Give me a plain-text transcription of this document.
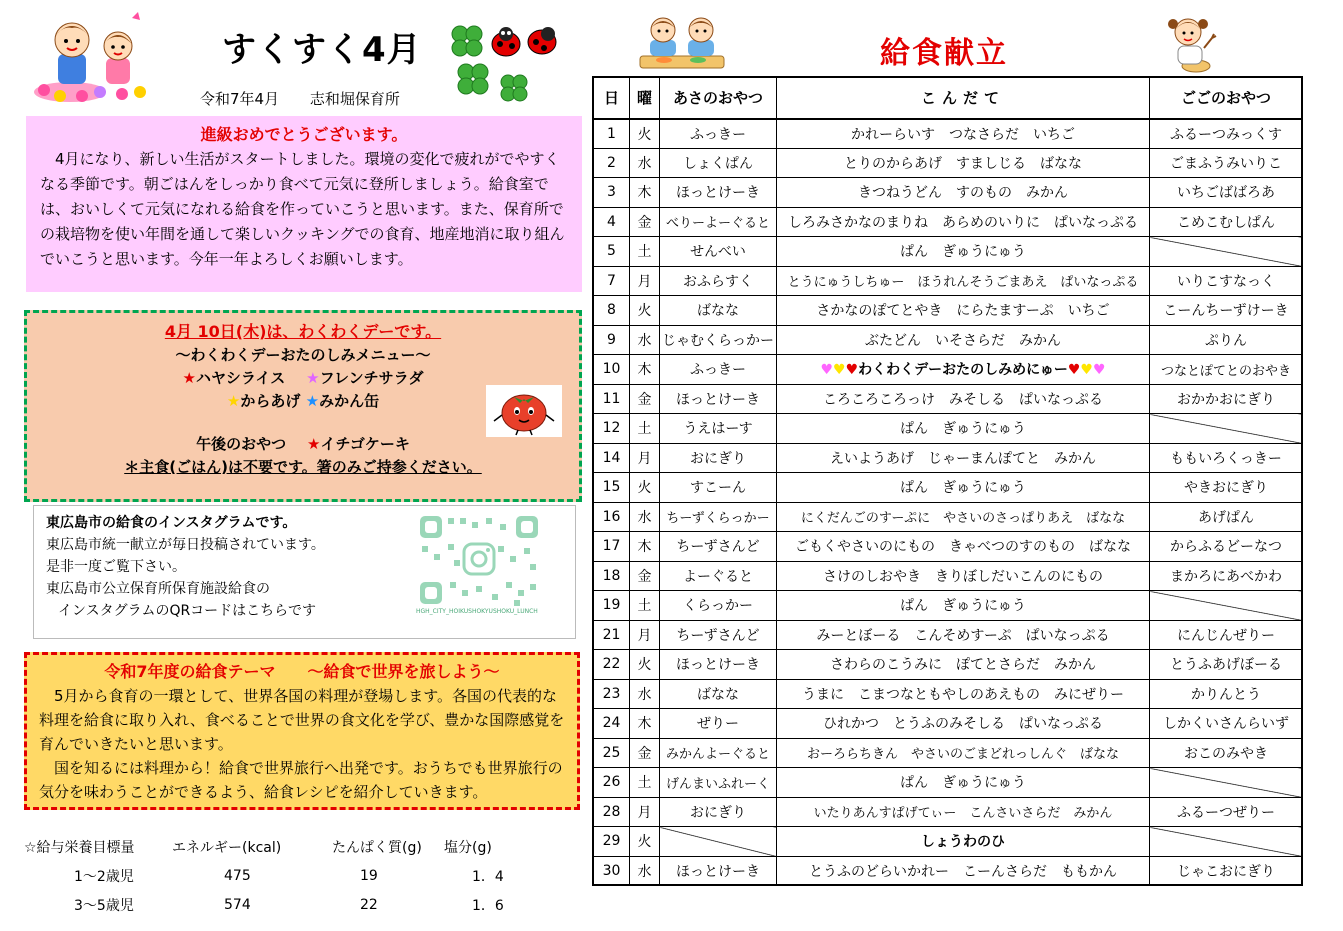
すくすく4月
令和7年4月 志和堀保育所
進級おめでとうございます。

4月になり、新しい生活がスタートしました。環境の変化で疲れがでやすくなる季節です。朝ごはんをしっかり食べて元気に登所しましょう。給食室では、おいしくて元気になれる給食を作っていこうと思います。また、保育所での栽培物を使い年間を通して楽しいクッキングでの食育、地産地消に取り組んでいこうと思います。今年一年よろしくお願いします。

4月 10日(木)は、わくわくデーです。
～わくわくデーおたのしみメニュー～
★ハヤシライス ★フレンチサラダ
★からあげ ★みかん缶
午後のおやつ ★イチゴケーキ
＊主食(ごはん)は不要です。箸のみご持参ください。
東広島市の給食のインスタグラムです。
東広島市統一献立が毎日投稿されています。
是非一度ご覧下さい。
東広島市公立保育所保育施設給食の
インスタグラムのQRコードはこちらです	HGH_CITY_HOIKUSHOKYUSHOKU_LUNCH
令和7年度の給食テーマ　　～給食で世界を旅しよう～

5月から食育の一環として、世界各国の料理が登場します。各国の代表的な料理を給食に取り入れ、食べることで世界の食文化を学び、豊かな国際感覚を育んでいきたいと思います。

国を知るには料理から！給食で世界旅行へ出発です。おうちでも世界旅行の気分を味わうことができるよう、給食レシピを紹介していきます。

☆給与栄養目標量	エネルギー(kcal)	たんぱく質(g)	塩分(g)
1～2歳児	475	19	1．4
3～5歳児	574	22	1．6
給食献立
日	曜	あさのおやつ	こんだて	ごごのおやつ
1	火	ふっきー	かれーらいす　つなさらだ　いちご	ふるーつみっくす
2	水	しょくぱん	とりのからあげ　すましじる　ばなな	ごまふうみいりこ
3	木	ほっとけーき	きつねうどん　すのもの　みかん	いちごばばろあ
4	金	べりーよーぐると	しろみさかなのまりね　あらめのいりに　ぱいなっぷる	こめこむしぱん
5	土	せんべい	ぱん　ぎゅうにゅう	
7	月	おふらすく	とうにゅうしちゅー　ほうれんそうごまあえ　ぱいなっぷる	いりこすなっく
8	火	ばなな	さかなのぽてとやき　にらたますーぷ　いちご	こーんちーずけーき
9	水	じゃむくらっかー	ぶたどん　いそさらだ　みかん	ぷりん
10	木	ふっきー	♥♥♥わくわくデーおたのしみめにゅー♥♥♥	つなとぽてとのおやき
11	金	ほっとけーき	ころころころっけ　みそしる　ぱいなっぷる	おかかおにぎり
12	土	うえはーす	ぱん　ぎゅうにゅう	
14	月	おにぎり	えいようあげ　じゃーまんぽてと　みかん	ももいろくっきー
15	火	すこーん	ぱん　ぎゅうにゅう	やきおにぎり
16	水	ちーずくらっかー	にくだんごのすーぷに　やさいのさっぱりあえ　ばなな	あげぱん
17	木	ちーずさんど	ごもくやさいのにもの　きゃべつのすのもの　ばなな	からふるどーなつ
18	金	よーぐると	さけのしおやき　きりぼしだいこんのにもの	まかろにあべかわ
19	土	くらっかー	ぱん　ぎゅうにゅう	
21	月	ちーずさんど	みーとぼーる　こんそめすーぷ　ぱいなっぷる	にんじんぜりー
22	火	ほっとけーき	さわらのこうみに　ぽてとさらだ　みかん	とうふあげぼーる
23	水	ばなな	うまに　こまつなともやしのあえもの　みにぜりー	かりんとう
24	木	ぜりー	ひれかつ　とうふのみそしる　ぱいなっぷる	しかくいさんらいず
25	金	みかんよーぐると	おーろらちきん　やさいのごまどれっしんぐ　ばなな	おこのみやき
26	土	げんまいふれーく	ぱん　ぎゅうにゅう	
28	月	おにぎり	いたりあんすぱげてぃー　こんさいさらだ　みかん	ふるーつぜりー
29	火		しょうわのひ	
30	水	ほっとけーき	とうふのどらいかれー　こーんさらだ　ももかん	じゃこおにぎり
